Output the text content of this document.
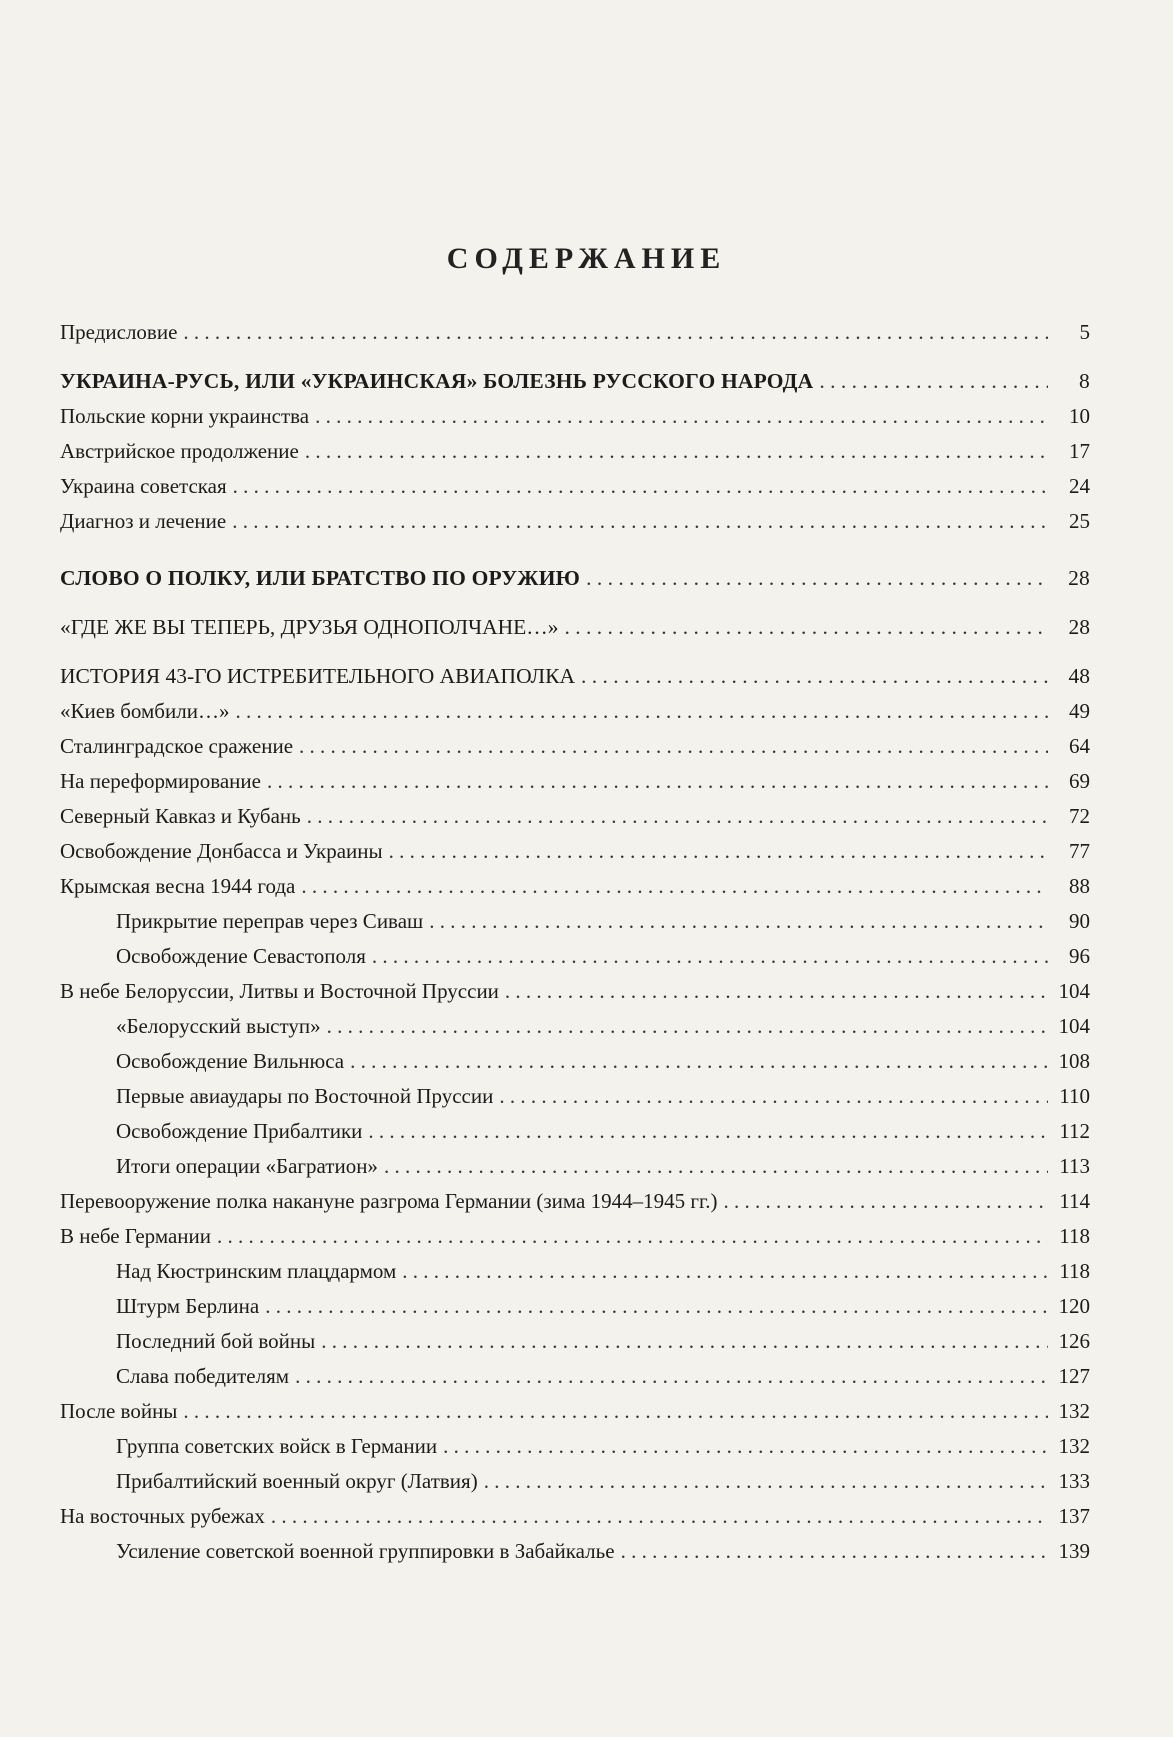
СОДЕРЖАНИЕ
Предисловие . . .	5
УКРАИНА-РУСЬ, ИЛИ «УКРАИНСКАЯ» БОЛЕЗНЬ РУССКОГО НАРОДА . . .	8
Польские корни украинства . . .	10
Австрийское продолжение . . .	17
Украина советская . . .	24
Диагноз и лечение . . .	25
СЛОВО О ПОЛКУ, ИЛИ БРАТСТВО ПО ОРУЖИЮ . . .	28
«ГДЕ ЖЕ ВЫ ТЕПЕРЬ, ДРУЗЬЯ ОДНОПОЛЧАНЕ…» . . .	28
ИСТОРИЯ 43-ГО ИСТРЕБИТЕЛЬНОГО АВИАПОЛКА . . .	48
«Киев бомбили…» . . .	49
Сталинградское сражение . . .	64
На переформирование . . .	69
Северный Кавказ и Кубань . . .	72
Освобождение Донбасса и Украины . . .	77
Крымская весна 1944 года . . .	88
Прикрытие переправ через Сиваш . . .	90
Освобождение Севастополя . . .	96
В небе Белоруссии, Литвы и Восточной Пруссии . . .	104
«Белорусский выступ» . . .	104
Освобождение Вильнюса . . .	108
Первые авиаудары по Восточной Пруссии . . .	110
Освобождение Прибалтики . . .	112
Итоги операции «Багратион» . . .	113
Перевооружение полка накануне разгрома Германии (зима 1944–1945 гг.) . . .	114
В небе Германии . . .	118
Над Кюстринским плацдармом . . .	118
Штурм Берлина . . .	120
Последний бой войны . . .	126
Слава победителям . . .	127
После войны . . .	132
Группа советских войск в Германии . . .	132
Прибалтийский военный округ (Латвия) . . .	133
На восточных рубежах . . .	137
Усиление советской военной группировки в Забайкалье . . .	139
